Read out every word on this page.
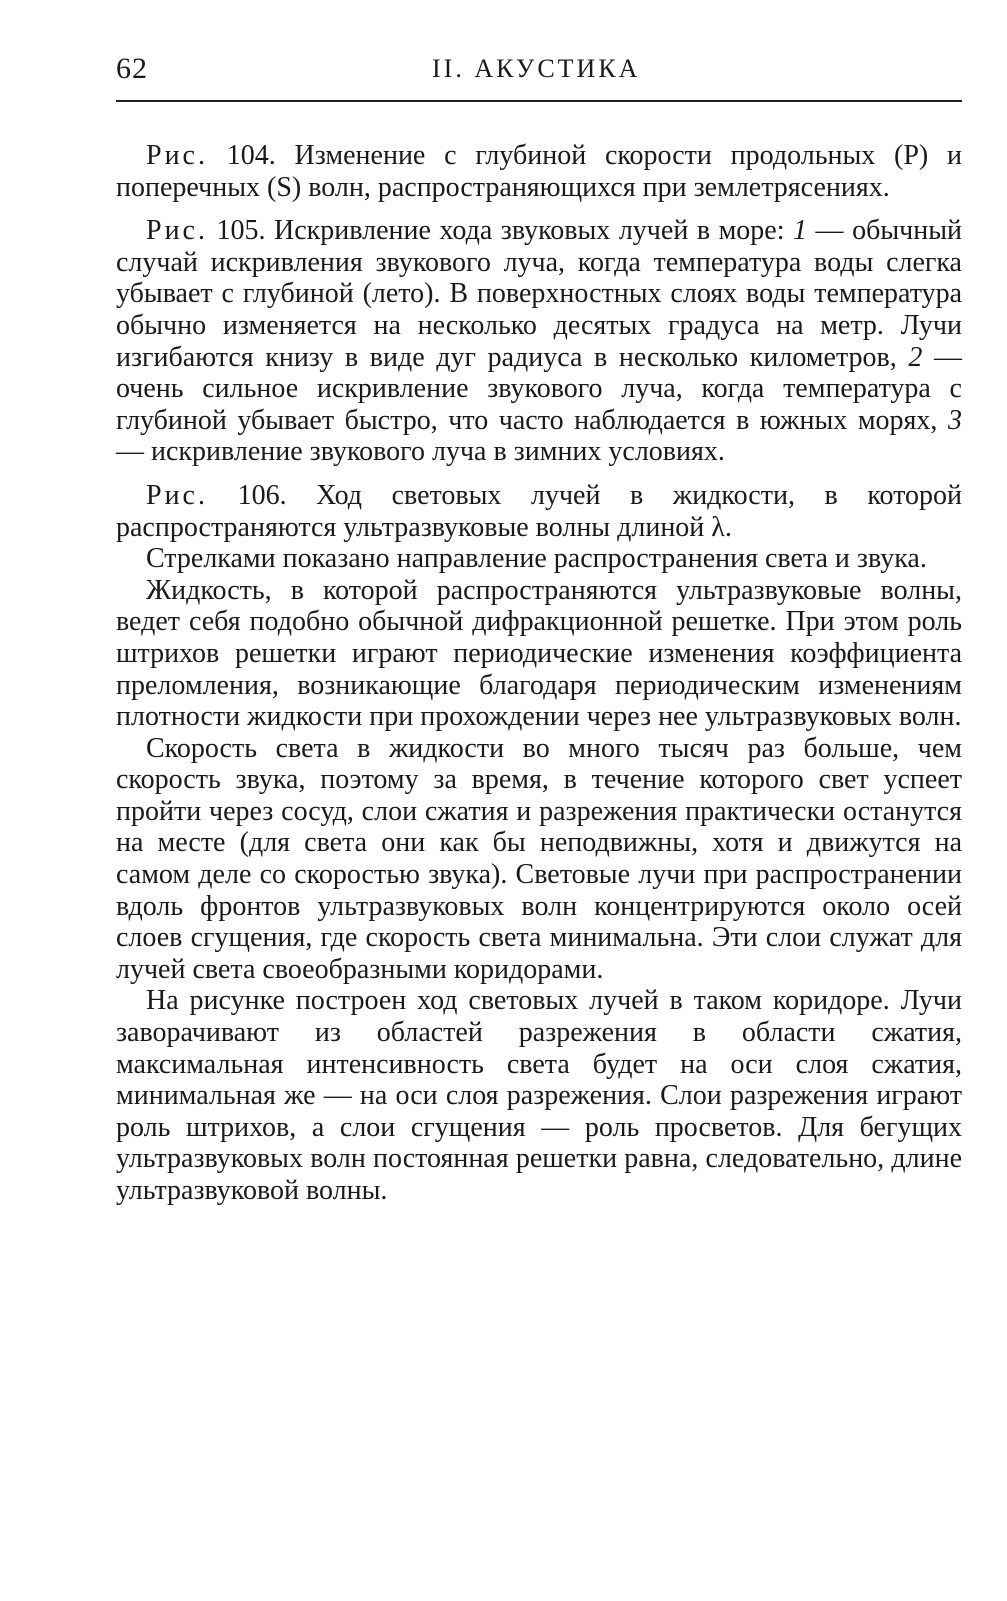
62	II. АКУСТИКА

Рис. 104. Изменение с глубиной скорости продольных (P) и поперечных (S) волн, распространяющихся при землетрясениях.

Рис. 105. Искривление хода звуковых лучей в море: 1 — обычный случай искривления звукового луча, когда температура воды слегка убывает с глубиной (лето). В поверхностных слоях воды температура обычно изменяется на несколько десятых градуса на метр. Лучи изгибаются книзу в виде дуг радиуса в несколько километров, 2 — очень сильное искривление звукового луча, когда температура с глубиной убывает быстро, что часто наблюдается в южных морях, 3 — искривление звукового луча в зимних условиях.

Рис. 106. Ход световых лучей в жидкости, в которой распространяются ультразвуковые волны длиной λ.

Стрелками показано направление распространения света и звука.

Жидкость, в которой распространяются ультразвуковые волны, ведет себя подобно обычной дифракционной решетке. При этом роль штрихов решетки играют периодические изменения коэффициента преломления, возникающие благодаря периодическим изменениям плотности жидкости при прохождении через нее ультразвуковых волн.

Скорость света в жидкости во много тысяч раз больше, чем скорость звука, поэтому за время, в течение которого свет успеет пройти через сосуд, слои сжатия и разрежения практически останутся на месте (для света они как бы неподвижны, хотя и движутся на самом деле со скоростью звука). Световые лучи при распространении вдоль фронтов ультразвуковых волн концентрируются около осей слоев сгущения, где скорость света минимальна. Эти слои служат для лучей света своеобразными коридорами.

На рисунке построен ход световых лучей в таком коридоре. Лучи заворачивают из областей разрежения в области сжатия, максимальная интенсивность света будет на оси слоя сжатия, минимальная же — на оси слоя разрежения. Слои разрежения играют роль штрихов, а слои сгущения — роль просветов. Для бегущих ультразвуковых волн постоянная решетки равна, следовательно, длине ультразвуковой волны.
